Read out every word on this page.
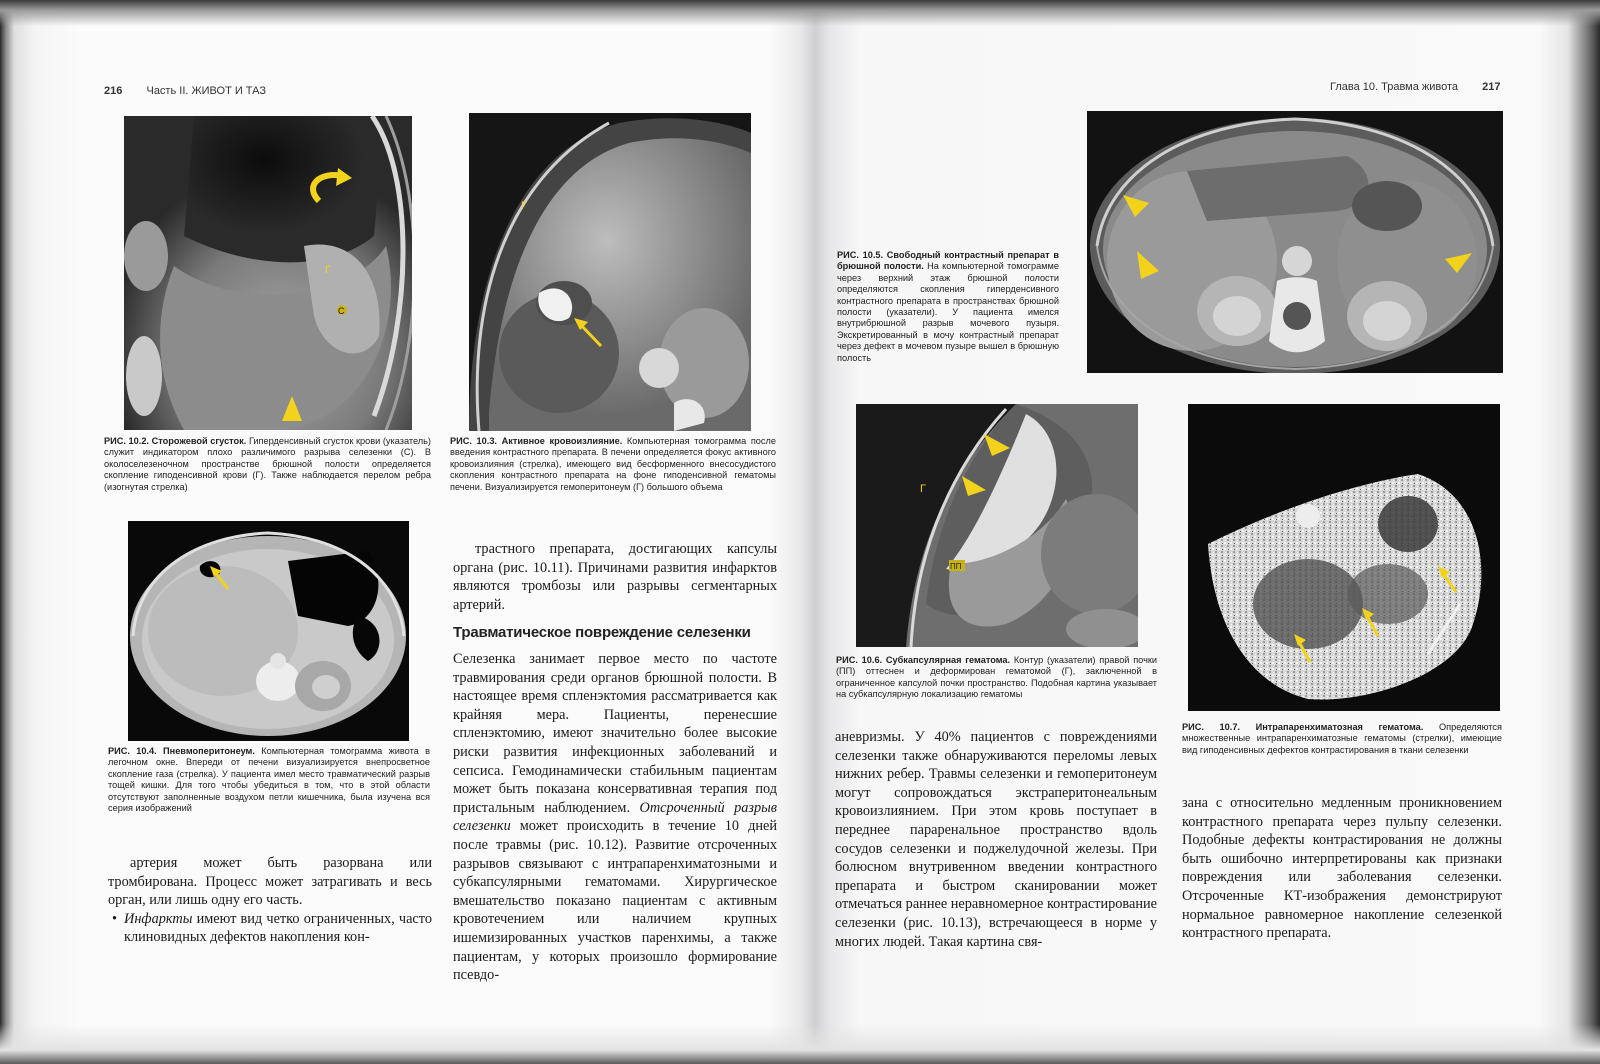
216 Часть II. ЖИВОТ И ТАЗ
Г
С
РИС. 10.2. Сторожевой сгусток. Гиперденсивный сгусток крови (указатель) служит индикатором плохо различимого разрыва селезенки (С). В околоселезеночном пространстве брюшной полости определяется скопление гиподенсивной крови (Г). Также наблюдается перелом ребра (изогнутая стрелка)
Г
РИС. 10.3. Активное кровоизлияние. Компьютерная томограмма после введения контрастного препарата. В печени определяется фокус активного кровоизлияния (стрелка), имеющего вид бесформенного внесосудистого скопления контрастного препарата на фоне гиподенсивной гематомы печени. Визуализируется гемоперитонеум (Г) большого объема
РИС. 10.4. Пневмоперитонеум. Компьютерная томограмма живота в легочном окне. Впереди от печени визуализируется внепросветное скопление газа (стрелка). У пациента имел место травматический разрыв тощей кишки. Для того чтобы убедиться в том, что в этой области отсутствуют заполненные воздухом петли кишечника, была изучена вся серия изображений

артерия может быть разорвана или тромбирована. Процесс может затрагивать и весь орган, или лишь одну его часть.

• Инфаркты имеют вид четко ограниченных, часто клиновидных дефектов накопления кон-

трастного препарата, достигающих капсулы органа (рис. 10.11). Причинами развития инфарктов являются тромбозы или разрывы сегментарных артерий.

Травматическое повреждение селезенки

Селезенка занимает первое место по частоте травмирования среди органов брюшной полости. В настоящее время спленэктомия рассматривается как крайняя мера. Пациенты, перенесшие спленэктомию, имеют значительно более высокие риски развития инфекционных заболеваний и сепсиса. Гемодинамически стабильным пациентам может быть показана консервативная терапия под пристальным наблюдением. Отсроченный разрыв селезенки может происходить в течение 10 дней после травмы (рис. 10.12). Развитие отсроченных разрывов связывают с интрапаренхиматозными и субкапсулярными гематомами. Хирургическое вмешательство показано пациентам с активным кровотечением или наличием крупных ишемизированных участков паренхимы, а также пациентам, у которых произошло формирование псевдо-

Глава 10. Травма живота 217
РИС. 10.5. Свободный контрастный препарат в брюшной полости. На компьютерной томограмме через верхний этаж брюшной полости определяются скопления гиперденсивного контрастного препарата в пространствах брюшной полости (указатели). У пациента имелся внутрибрюшной разрыв мочевого пузыря. Экскретированный в мочу контрастный препарат через дефект в мочевом пузыре вышел в брюшную полость
Г
ПП
РИС. 10.6. Субкапсулярная гематома. Контур (указатели) правой почки (ПП) оттеснен и деформирован гематомой (Г), заключенной в ограниченное капсулой почки пространство. Подобная картина указывает на субкапсулярную локализацию гематомы
РИС. 10.7. Интрапаренхиматозная гематома. Определяются множественные интрапаренхиматозные гематомы (стрелки), имеющие вид гиподенсивных дефектов контрастирования в ткани селезенки

аневризмы. У 40% пациентов с повреждениями селезенки также обнаруживаются переломы левых нижних ребер. Травмы селезенки и гемоперитонеум могут сопровождаться экстраперитонеальным кровоизлиянием. При этом кровь поступает в переднее параренальное пространство вдоль сосудов селезенки и поджелудочной железы. При болюсном внутривенном введении контрастного препарата и быстром сканировании может отмечаться раннее неравномерное контрастирование селезенки (рис. 10.13), встречающееся в норме у многих людей. Такая картина свя-

зана с относительно медленным проникновением контрастного препарата через пульпу селезенки. Подобные дефекты контрастирования не должны быть ошибочно интерпретированы как признаки повреждения или заболевания селезенки. Отсроченные КТ-изображения демонстрируют нормальное равномерное накопление селезенкой контрастного препарата.
